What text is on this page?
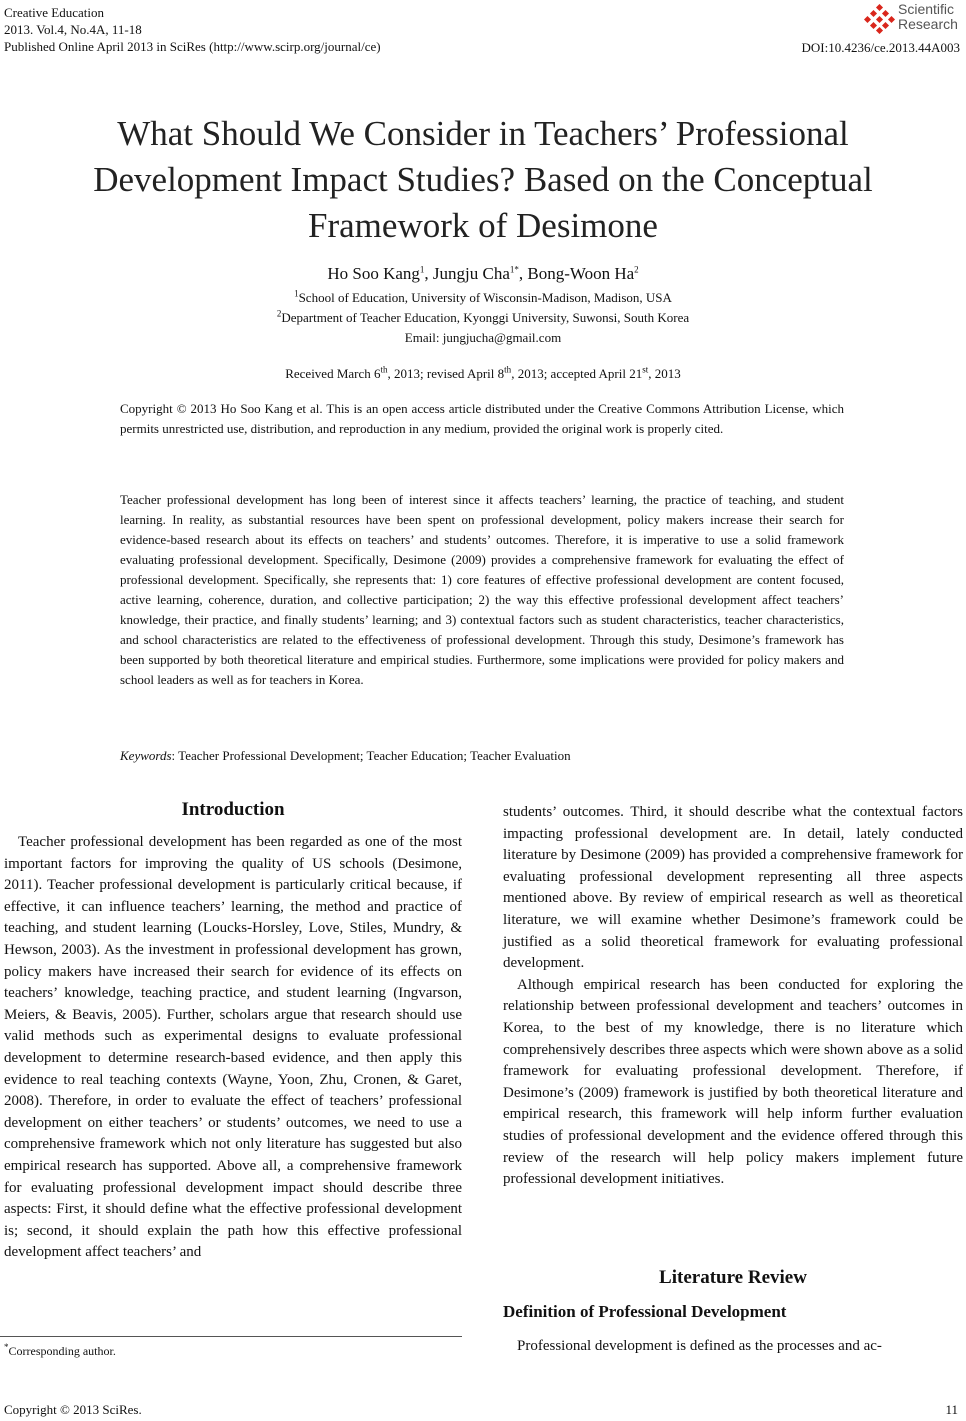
Creative Education
2013. Vol.4, No.4A, 11-18
Published Online April 2013 in SciRes (http://www.scirp.org/journal/ce)
Scientific
Research
DOI:10.4236/ce.2013.44A003
What Should We Consider in Teachers’ Professional Development Impact Studies? Based on the Conceptual Framework of Desimone
Ho Soo Kang$^1$, Jungju Cha$^{1*}$, Bong-Woon Ha$^2$
$^1$School of Education, University of Wisconsin-Madison, Madison, USA
$^2$Department of Teacher Education, Kyonggi University, Suwonsi, South Korea
Email: jungjucha@gmail.com
Received March 6th, 2013; revised April 8th, 2013; accepted April 21st, 2013
Copyright © 2013 Ho Soo Kang et al. This is an open access article distributed under the Creative Commons Attribution License, which permits unrestricted use, distribution, and reproduction in any medium, provided the original work is properly cited.
Teacher professional development has long been of interest since it affects teachers’ learning, the practice of teaching, and student learning. In reality, as substantial resources have been spent on professional development, policy makers increase their search for evidence-based research about its effects on teachers’ and students’ outcomes. Therefore, it is imperative to use a solid framework evaluating professional development. Specifically, Desimone (2009) provides a comprehensive framework for evaluating the effect of professional development. Specifically, she represents that: 1) core features of effective professional development are content focused, active learning, coherence, duration, and collective participation; 2) the way this effective professional development affect teachers’ knowledge, their practice, and finally students’ learning; and 3) contextual factors such as student characteristics, teacher characteristics, and school characteristics are related to the effectiveness of professional development. Through this study, Desimone’s framework has been supported by both theoretical literature and empirical studies. Furthermore, some implications were provided for policy makers and school leaders as well as for teachers in Korea.
Keywords: Teacher Professional Development; Teacher Education; Teacher Evaluation
Introduction

Teacher professional development has been regarded as one of the most important factors for improving the quality of US schools (Desimone, 2011). Teacher professional development is particularly critical because, if effective, it can influence teachers’ learning, the method and practice of teaching, and student learning (Loucks-Horsley, Love, Stiles, Mundry, & Hewson, 2003). As the investment in professional development has grown, policy makers have increased their search for evidence of its effects on teachers’ knowledge, teaching practice, and student learning (Ingvarson, Meiers, & Beavis, 2005). Further, scholars argue that research should use valid methods such as experimental designs to evaluate professional development to determine research-based evidence, and then apply this evidence to real teaching contexts (Wayne, Yoon, Zhu, Cronen, & Garet, 2008). Therefore, in order to evaluate the effect of teachers’ professional development on either teachers’ or students’ outcomes, we need to use a comprehensive framework which not only literature has suggested but also empirical research has supported. Above all, a comprehensive framework for evaluating professional development impact should describe three aspects: First, it should define what the effective professional development is; second, it should explain the path how this effective professional development affect teachers’ and

students’ outcomes. Third, it should describe what the contextual factors impacting professional development are. In detail, lately conducted literature by Desimone (2009) has provided a comprehensive framework for evaluating professional development representing all three aspects mentioned above. By review of empirical research as well as theoretical literature, we will examine whether Desimone’s framework could be justified as a solid theoretical framework for evaluating professional development.

Although empirical research has been conducted for exploring the relationship between professional development and teachers’ outcomes in Korea, to the best of my knowledge, there is no literature which comprehensively describes three aspects which were shown above as a solid framework for evaluating professional development. Therefore, if Desimone’s (2009) framework is justified by both theoretical literature and empirical research, this framework will help inform further evaluation studies of professional development and the evidence offered through this review of the research will help policy makers implement future professional development initiatives.

Literature Review
Definition of Professional Development

Professional development is defined as the processes and ac-

*Corresponding author.
Copyright © 2013 SciRes.	11
